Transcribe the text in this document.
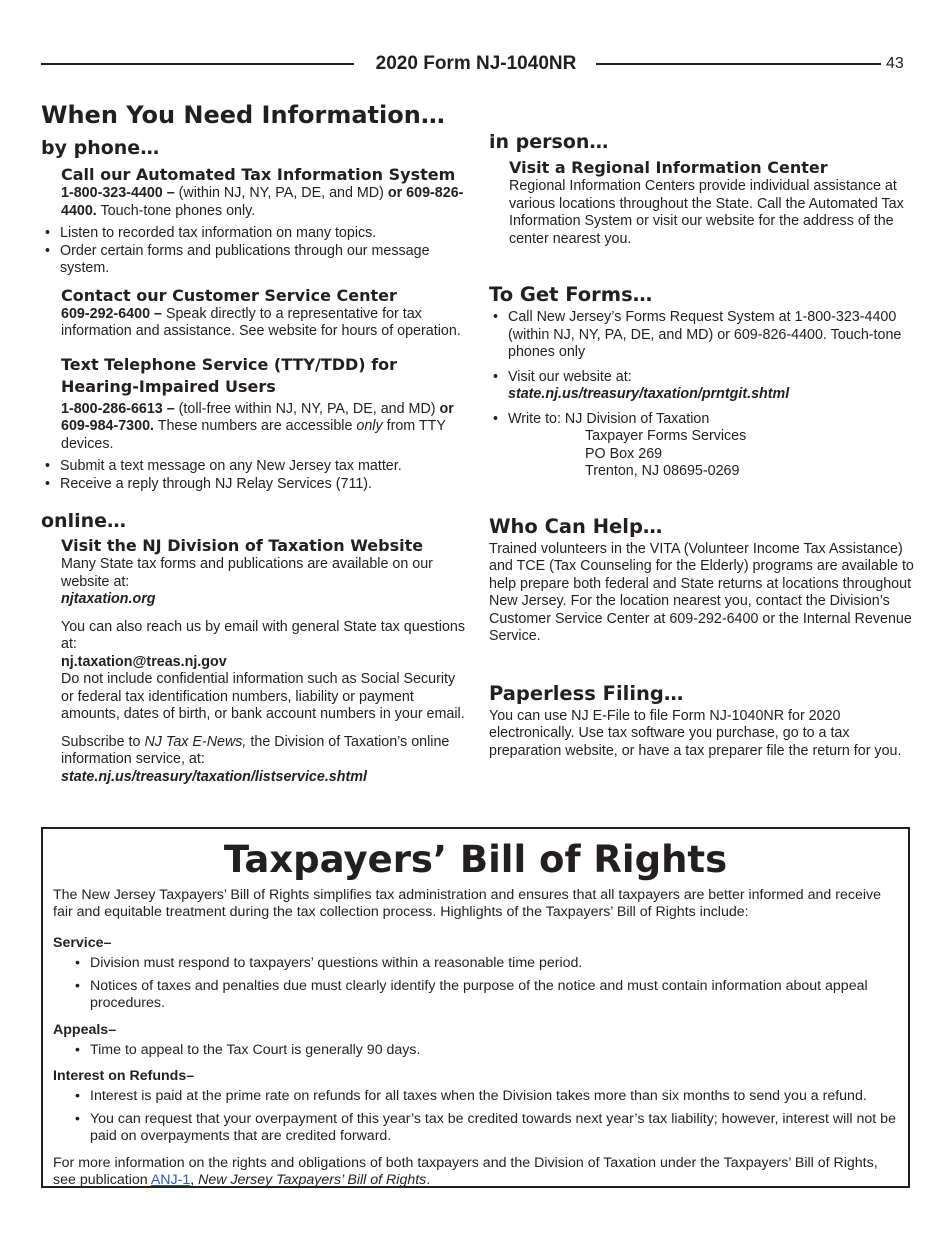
2020 Form NJ-1040NR	43
When You Need Information…
by phone…
Call our Automated Tax Information System

1-800-323-4400 – (within NJ, NY, PA, DE, and MD) or 609-826-4400. Touch-tone phones only.

• Listen to recorded tax information on many topics.
• Order certain forms and publications through our message system.
Contact our Customer Service Center

609-292-6400 – Speak directly to a representative for tax information and assistance. See website for hours of operation.

Text Telephone Service (TTY/TDD) for Hearing-Impaired Users

1-800-286-6613 – (toll-free within NJ, NY, PA, DE, and MD) or 609-984-7300. These numbers are accessible only from TTY devices.

• Submit a text message on any New Jersey tax matter.
• Receive a reply through NJ Relay Services (711).
online…
Visit the NJ Division of Taxation Website

Many State tax forms and publications are available on our website at:

njtaxation.org

You can also reach us by email with general State tax questions at:

nj.taxation@treas.nj.gov

Do not include confidential information such as Social Security or federal tax identification numbers, liability or payment amounts, dates of birth, or bank account numbers in your email.

Subscribe to NJ Tax E-News, the Division of Taxation’s online information service, at:

state.nj.us/treasury/taxation/listservice.shtml

in person…
Visit a Regional Information Center

Regional Information Centers provide individual assistance at various locations throughout the State. Call the Automated Tax Information System or visit our website for the address of the center nearest you.

To Get Forms…
• Call New Jersey’s Forms Request System at 1-800-323-4400 (within NJ, NY, PA, DE, and MD) or 609-826-4400. Touch-tone phones only
• Visit our website at:
state.nj.us/treasury/taxation/prntgit.shtml
• Write to: NJ Division of Taxation
Taxpayer Forms Services
PO Box 269
Trenton, NJ 08695-0269
Who Can Help…

Trained volunteers in the VITA (Volunteer Income Tax Assistance) and TCE (Tax Counseling for the Elderly) programs are available to help prepare both federal and State returns at locations throughout New Jersey. For the location nearest you, contact the Division’s Customer Service Center at 609-292-6400 or the Internal Revenue Service.

Paperless Filing…

You can use NJ E-File to file Form NJ-1040NR for 2020 electronically. Use tax software you purchase, go to a tax preparation website, or have a tax preparer file the return for you.

Taxpayers’ Bill of Rights

The New Jersey Taxpayers’ Bill of Rights simplifies tax administration and ensures that all taxpayers are better informed and receive fair and equitable treatment during the tax collection process. Highlights of the Taxpayers’ Bill of Rights include:

Service–

• Division must respond to taxpayers’ questions within a reasonable time period.
• Notices of taxes and penalties due must clearly identify the purpose of the notice and must contain information about appeal procedures.

Appeals–

• Time to appeal to the Tax Court is generally 90 days.

Interest on Refunds–

• Interest is paid at the prime rate on refunds for all taxes when the Division takes more than six months to send you a refund.
• You can request that your overpayment of this year’s tax be credited towards next year’s tax liability; however, interest will not be paid on overpayments that are credited forward.

For more information on the rights and obligations of both taxpayers and the Division of Taxation under the Taxpayers’ Bill of Rights, see publication ANJ-1, New Jersey Taxpayers’ Bill of Rights.
